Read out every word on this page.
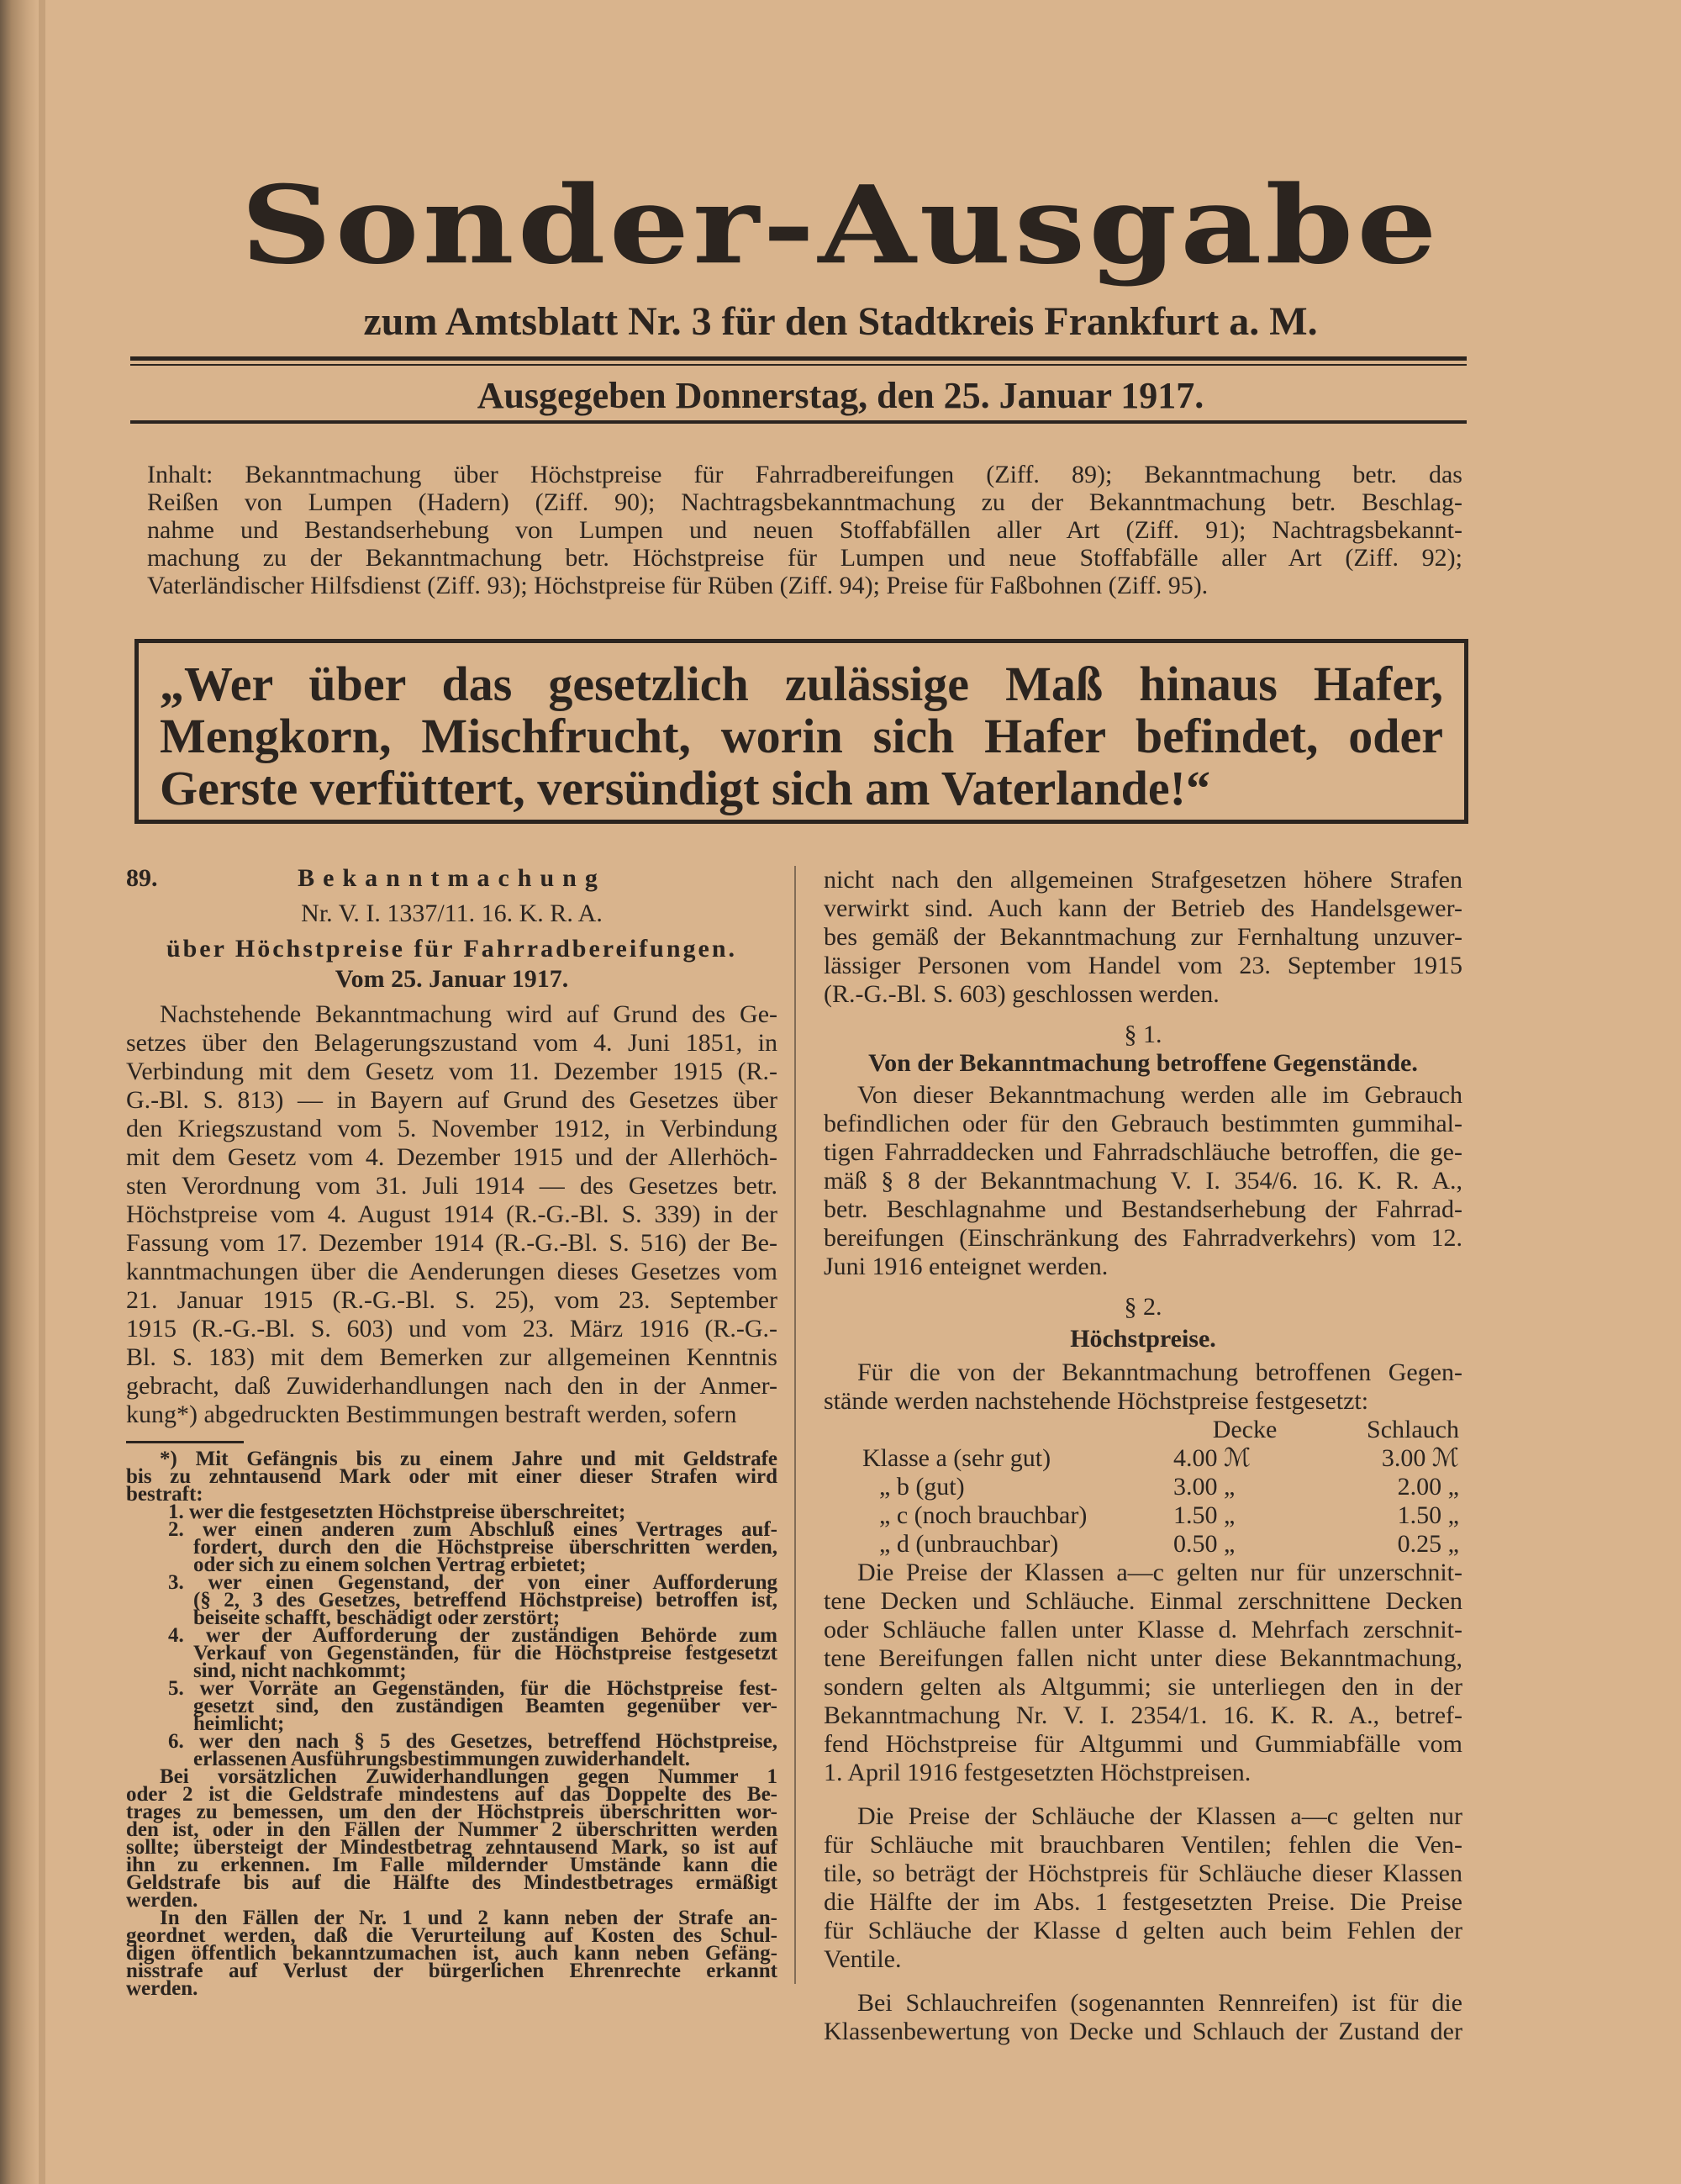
Sonder-Ausgabe
zum Amtsblatt Nr. 3 für den Stadtkreis Frankfurt a. M.
Ausgegeben Donnerstag, den 25. Januar 1917.
Inhalt: Bekanntmachung über Höchstpreise für Fahrradbereifungen (Ziff. 89); Bekanntmachung betr. das
Reißen von Lumpen (Hadern) (Ziff. 90); Nachtragsbekanntmachung zu der Bekanntmachung betr. Beschlag-
nahme und Bestandserhebung von Lumpen und neuen Stoffabfällen aller Art (Ziff. 91); Nachtragsbekannt-
machung zu der Bekanntmachung betr. Höchstpreise für Lumpen und neue Stoffabfälle aller Art (Ziff. 92);
Vaterländischer Hilfsdienst (Ziff. 93); Höchstpreise für Rüben (Ziff. 94); Preise für Faßbohnen (Ziff. 95).
„Wer über das gesetzlich zulässige Maß hinaus Hafer,
Mengkorn, Mischfrucht, worin sich Hafer befindet, oder
Gerste verfüttert, versündigt sich am Vaterlande!“
89.	Bekanntmachung
Nr. V. I. 1337/11. 16. K. R. A.
über Höchstpreise für Fahrradbereifungen.
Vom 25. Januar 1917.
Nachstehende Bekanntmachung wird auf Grund des Ge-
setzes über den Belagerungszustand vom 4. Juni 1851, in
Verbindung mit dem Gesetz vom 11. Dezember 1915 (R.-
G.-Bl. S. 813) — in Bayern auf Grund des Gesetzes über
den Kriegszustand vom 5. November 1912, in Verbindung
mit dem Gesetz vom 4. Dezember 1915 und der Allerhöch-
sten Verordnung vom 31. Juli 1914 — des Gesetzes betr.
Höchstpreise vom 4. August 1914 (R.-G.-Bl. S. 339) in der
Fassung vom 17. Dezember 1914 (R.-G.-Bl. S. 516) der Be-
kanntmachungen über die Aenderungen dieses Gesetzes vom
21. Januar 1915 (R.-G.-Bl. S. 25), vom 23. September
1915 (R.-G.-Bl. S. 603) und vom 23. März 1916 (R.-G.-
Bl. S. 183) mit dem Bemerken zur allgemeinen Kenntnis
gebracht, daß Zuwiderhandlungen nach den in der Anmer-
kung*) abgedruckten Bestimmungen bestraft werden, sofern
*) Mit Gefängnis bis zu einem Jahre und mit Geldstrafe
bis zu zehntausend Mark oder mit einer dieser Strafen wird
bestraft:
1. wer die festgesetzten Höchstpreise überschreitet;
2. wer einen anderen zum Abschluß eines Vertrages auf-
fordert, durch den die Höchstpreise überschritten werden,
oder sich zu einem solchen Vertrag erbietet;
3. wer einen Gegenstand, der von einer Aufforderung
(§ 2, 3 des Gesetzes, betreffend Höchstpreise) betroffen ist,
beiseite schafft, beschädigt oder zerstört;
4. wer der Aufforderung der zuständigen Behörde zum
Verkauf von Gegenständen, für die Höchstpreise festgesetzt
sind, nicht nachkommt;
5. wer Vorräte an Gegenständen, für die Höchstpreise fest-
gesetzt sind, den zuständigen Beamten gegenüber ver-
heimlicht;
6. wer den nach § 5 des Gesetzes, betreffend Höchstpreise,
erlassenen Ausführungsbestimmungen zuwiderhandelt.
Bei vorsätzlichen Zuwiderhandlungen gegen Nummer 1
oder 2 ist die Geldstrafe mindestens auf das Doppelte des Be-
trages zu bemessen, um den der Höchstpreis überschritten wor-
den ist, oder in den Fällen der Nummer 2 überschritten werden
sollte; übersteigt der Mindestbetrag zehntausend Mark, so ist auf
ihn zu erkennen. Im Falle mildernder Umstände kann die
Geldstrafe bis auf die Hälfte des Mindestbetrages ermäßigt
werden.
In den Fällen der Nr. 1 und 2 kann neben der Strafe an-
geordnet werden, daß die Verurteilung auf Kosten des Schul-
digen öffentlich bekanntzumachen ist, auch kann neben Gefäng-
nisstrafe auf Verlust der bürgerlichen Ehrenrechte erkannt
werden.
nicht nach den allgemeinen Strafgesetzen höhere Strafen
verwirkt sind. Auch kann der Betrieb des Handelsgewer-
bes gemäß der Bekanntmachung zur Fernhaltung unzuver-
lässiger Personen vom Handel vom 23. September 1915
(R.-G.-Bl. S. 603) geschlossen werden.
§ 1.
Von der Bekanntmachung betroffene Gegenstände.
Von dieser Bekanntmachung werden alle im Gebrauch
befindlichen oder für den Gebrauch bestimmten gummihal-
tigen Fahrraddecken und Fahrradschläuche betroffen, die ge-
mäß § 8 der Bekanntmachung V. I. 354/6. 16. K. R. A.,
betr. Beschlagnahme und Bestandserhebung der Fahrrad-
bereifungen (Einschränkung des Fahrradverkehrs) vom 12.
Juni 1916 enteignet werden.
§ 2.
Höchstpreise.
Für die von der Bekanntmachung betroffenen Gegen-
stände werden nachstehende Höchstpreise festgesetzt:
	Decke	Schlauch
Klasse a (sehr gut)	4.00 ℳ	3.00 ℳ
„ b (gut)	3.00 „	2.00 „
„ c (noch brauchbar)	1.50 „	1.50 „
„ d (unbrauchbar)	0.50 „	0.25 „
Die Preise der Klassen a—c gelten nur für unzerschnit-
tene Decken und Schläuche. Einmal zerschnittene Decken
oder Schläuche fallen unter Klasse d. Mehrfach zerschnit-
tene Bereifungen fallen nicht unter diese Bekanntmachung,
sondern gelten als Altgummi; sie unterliegen den in der
Bekanntmachung Nr. V. I. 2354/1. 16. K. R. A., betref-
fend Höchstpreise für Altgummi und Gummiabfälle vom
1. April 1916 festgesetzten Höchstpreisen.
Die Preise der Schläuche der Klassen a—c gelten nur
für Schläuche mit brauchbaren Ventilen; fehlen die Ven-
tile, so beträgt der Höchstpreis für Schläuche dieser Klassen
die Hälfte der im Abs. 1 festgesetzten Preise. Die Preise
für Schläuche der Klasse d gelten auch beim Fehlen der
Ventile.
Bei Schlauchreifen (sogenannten Rennreifen) ist für die
Klassenbewertung von Decke und Schlauch der Zustand der
